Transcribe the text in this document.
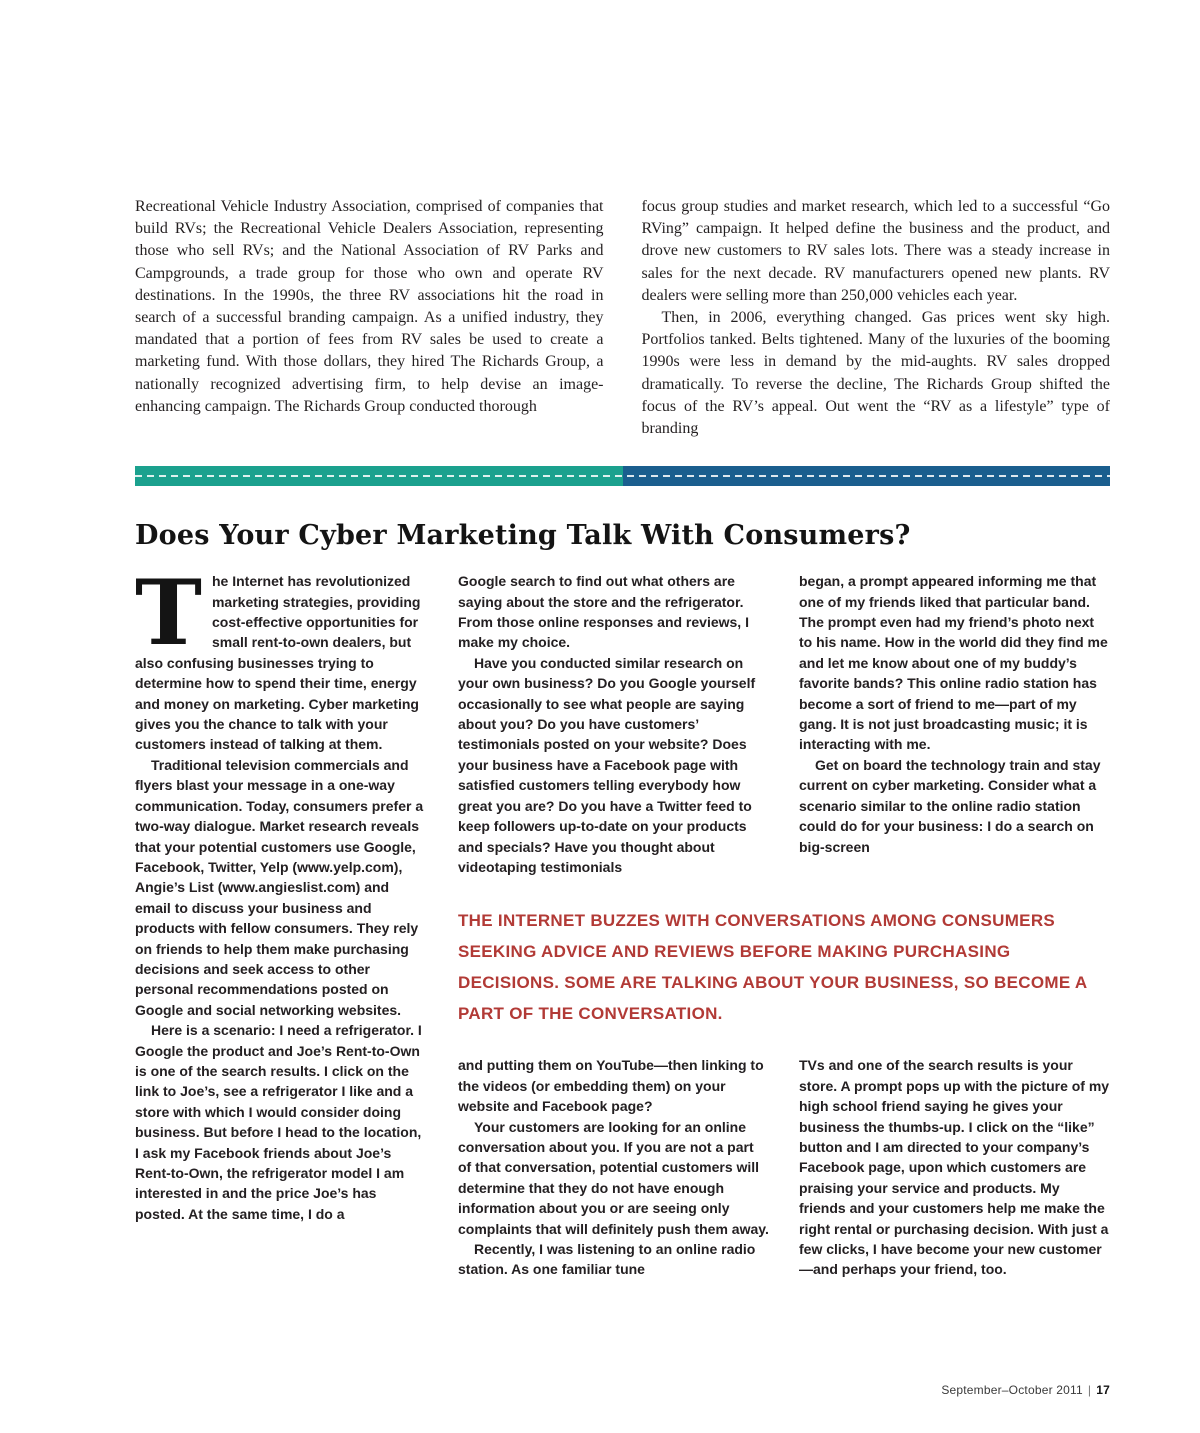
Recreational Vehicle Industry Association, comprised of companies that build RVs; the Recreational Vehicle Dealers Association, representing those who sell RVs; and the National Association of RV Parks and Campgrounds, a trade group for those who own and operate RV destinations. In the 1990s, the three RV associations hit the road in search of a successful branding campaign. As a unified industry, they mandated that a portion of fees from RV sales be used to create a marketing fund. With those dollars, they hired The Richards Group, a nationally recognized advertising firm, to help devise an image-enhancing campaign. The Richards Group conducted thorough

focus group studies and market research, which led to a successful “Go RVing” campaign. It helped define the business and the product, and drove new customers to RV sales lots. There was a steady increase in sales for the next decade. RV manufacturers opened new plants. RV dealers were selling more than 250,000 vehicles each year.

Then, in 2006, everything changed. Gas prices went sky high. Portfolios tanked. Belts tightened. Many of the luxuries of the booming 1990s were less in demand by the mid-aughts. RV sales dropped dramatically. To reverse the decline, The Richards Group shifted the focus of the RV’s appeal. Out went the “RV as a lifestyle” type of branding

Does Your Cyber Marketing Talk With Consumers?

The Internet has revolutionized marketing strategies, providing cost-effective opportunities for small rent-to-own dealers, but also confusing businesses trying to determine how to spend their time, energy and money on marketing. Cyber marketing gives you the chance to talk with your customers instead of talking at them.

Traditional television commercials and flyers blast your message in a one-way communication. Today, consumers prefer a two-way dialogue. Market research reveals that your potential customers use Google, Facebook, Twitter, Yelp (www.yelp.com), Angie’s List (www.angieslist.com) and email to discuss your business and products with fellow consumers. They rely on friends to help them make purchasing decisions and seek access to other personal recommendations posted on Google and social networking websites.

Here is a scenario: I need a refrigerator. I Google the product and Joe’s Rent-to-Own is one of the search results. I click on the link to Joe’s, see a refrigerator I like and a store with which I would consider doing business. But before I head to the location, I ask my Facebook friends about Joe’s Rent-to-Own, the refrigerator model I am interested in and the price Joe’s has posted. At the same time, I do a

Google search to find out what others are saying about the store and the refrigerator. From those online responses and reviews, I make my choice.

Have you conducted similar research on your own business? Do you Google yourself occasionally to see what people are saying about you? Do you have customers’ testimonials posted on your website? Does your business have a Facebook page with satisfied customers telling everybody how great you are? Do you have a Twitter feed to keep followers up-to-date on your products and specials? Have you thought about videotaping testimonials

began, a prompt appeared informing me that one of my friends liked that particular band. The prompt even had my friend’s photo next to his name. How in the world did they find me and let me know about one of my buddy’s favorite bands? This online radio station has become a sort of friend to me—part of my gang. It is not just broadcasting music; it is interacting with me.

Get on board the technology train and stay current on cyber marketing. Consider what a scenario similar to the online radio station could do for your business: I do a search on big-screen

THE INTERNET BUZZES WITH CONVERSATIONS AMONG CONSUMERS SEEKING ADVICE AND REVIEWS BEFORE MAKING PURCHASING DECISIONS. SOME ARE TALKING ABOUT YOUR BUSINESS, SO BECOME A PART OF THE CONVERSATION.

and putting them on YouTube—then linking to the videos (or embedding them) on your website and Facebook page?

Your customers are looking for an online conversation about you. If you are not a part of that conversation, potential customers will determine that they do not have enough information about you or are seeing only complaints that will definitely push them away.

Recently, I was listening to an online radio station. As one familiar tune

TVs and one of the search results is your store. A prompt pops up with the picture of my high school friend saying he gives your business the thumbs-up. I click on the “like” button and I am directed to your company’s Facebook page, upon which customers are praising your service and products. My friends and your customers help me make the right rental or purchasing decision. With just a few clicks, I have become your new customer—and perhaps your friend, too.

September–October 2011 | 17
